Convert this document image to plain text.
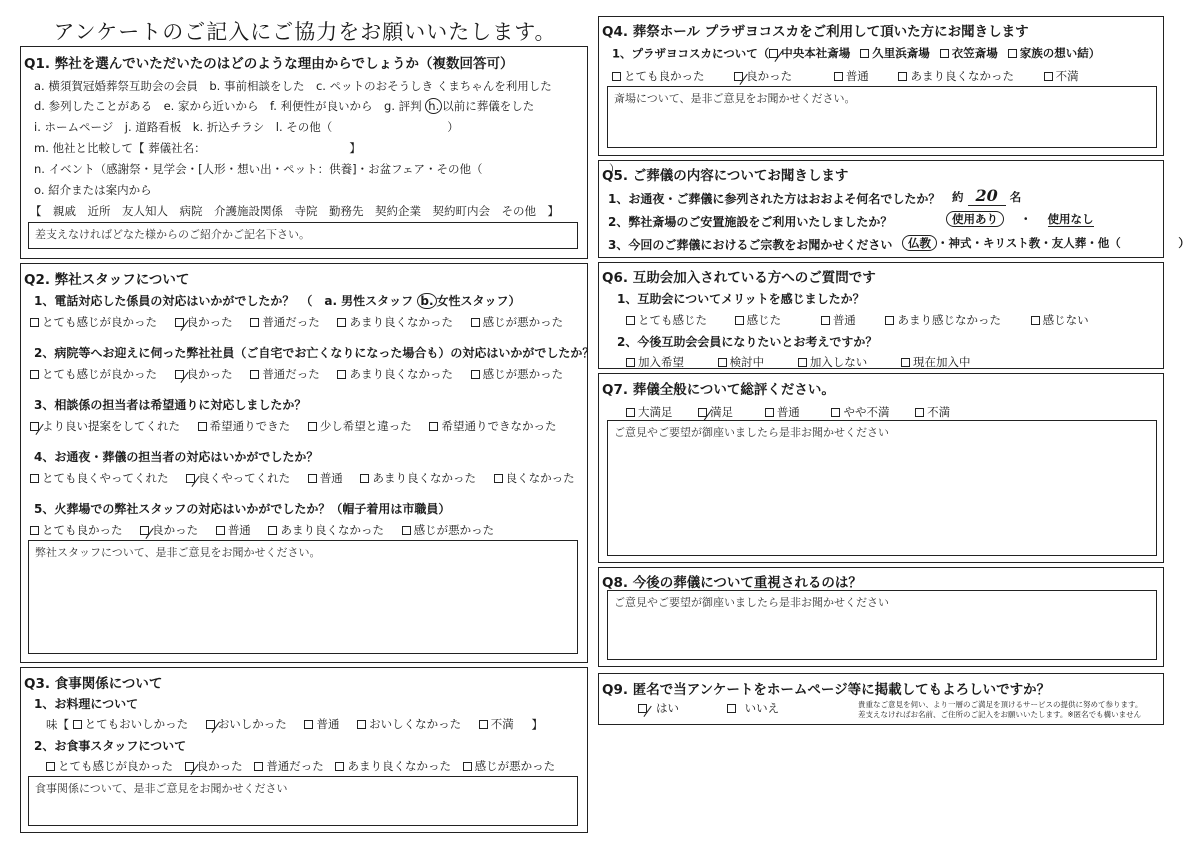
アンケートのご記入にご協力をお願いいたします。
Q1. 弊社を選んでいただいたのはどのような理由からでしょうか（複数回答可）
a. 横須賀冠婚葬祭互助会の会員　b. 事前相談をした　c. ペットのおそうしき くまちゃんを利用した
d. 参列したことがある　e. 家から近いから　f. 利便性が良いから　g. 評判 h. 以前に葬儀をした
i. ホームページ　j. 道路看板　k. 折込チラシ　l. その他（　　　　　　　　　　）
m. 他社と比較して【 葬儀社名：　　　　　　　　　　　　　】
n. イベント（感謝祭・見学会・[人形・想い出・ペット：供養]・お盆フェア・その他（　　　　　　　　　　　）
o. 紹介または案内から
【　親戚　近所　友人知人　病院　介護施設関係　寺院　勤務先　契約企業　契約町内会　その他　】
差支えなければどなた様からのご紹介かご記名下さい。
Q2. 弊社スタッフについて
1、電話対応した係員の対応はいかがでしたか？　（　a. 男性スタッフ b. 女性スタッフ）
とても感じが良かった
	良かった
	普通だった
	あまり良くなかった
	感じが悪かった
2、病院等へお迎えに伺った弊社社員（ご自宅でお亡くなりになった場合も）の対応はいかがでしたか？
とても感じが良かった
	良かった
	普通だった
	あまり良くなかった
	感じが悪かった
3、相談係の担当者は希望通りに対応しましたか？
より良い提案をしてくれた
	希望通りできた
	少し希望と違った
	希望通りできなかった
4、お通夜・葬儀の担当者の対応はいかがでしたか？
とても良くやってくれた
	良くやってくれた
	普通
	あまり良くなかった
	良くなかった
5、火葬場での弊社スタッフの対応はいかがでしたか？（帽子着用は市職員）
とても良かった
	良かった
	普通
	あまり良くなかった
	感じが悪かった
弊社スタッフについて、是非ご意見をお聞かせください。
Q3. 食事関係について
1、お料理について
味【 とてもおいしかった
	おいしかった
	普通
	おいしくなかった
	不満 】
2、お食事スタッフについて
とても感じが良かった
良かった
普通だった
あまり良くなかった
感じが悪かった
食事関係について、是非ご意見をお聞かせください
Q4. 葬祭ホール プラザヨコスカをご利用して頂いた方にお聞きします
1、プラザヨコスカについて（ 中央本社斎場 久里浜斎場 衣笠斎場 家族の想い結 ）
とても良かった
	良かった
	普通
	あまり良くなかった
	不満
斎場について、是非ご意見をお聞かせください。
Q5. ご葬儀の内容についてお聞きします
1、お通夜・ご葬儀に参列された方はおおよそ何名でしたか？ 約 20 名
2、弊社斎場のご安置施設をご利用いたしましたか？	使用あり ・ 使用なし
3、今回のご葬儀におけるご宗教をお聞かせください	仏教 ・神式・キリスト教・友人葬・他（　　　　　）
Q6. 互助会加入されている方へのご質問です
1、互助会についてメリットを感じましたか？
とても感じた
	感じた
	普通
	あまり感じなかった
	感じない
2、今後互助会会員になりたいとお考えですか？
加入希望
	検討中
	加入しない
	現在加入中
Q7. 葬儀全般について総評ください。
大満足
	満足
	普通
	やや不満
	不満
ご意見やご要望が御座いましたら是非お聞かせください
Q8. 今後の葬儀について重視されるのは？
ご意見やご要望が御座いましたら是非お聞かせください
Q9. 匿名で当アンケートをホームページ等に掲載してもよろしいですか？
はい
	いいえ	貴重なご意見を伺い、より一層のご満足を頂けるサービスの提供に努めて参ります。
差支えなければお名前、ご住所のご記入をお願いいたします。※匿名でも構いません
